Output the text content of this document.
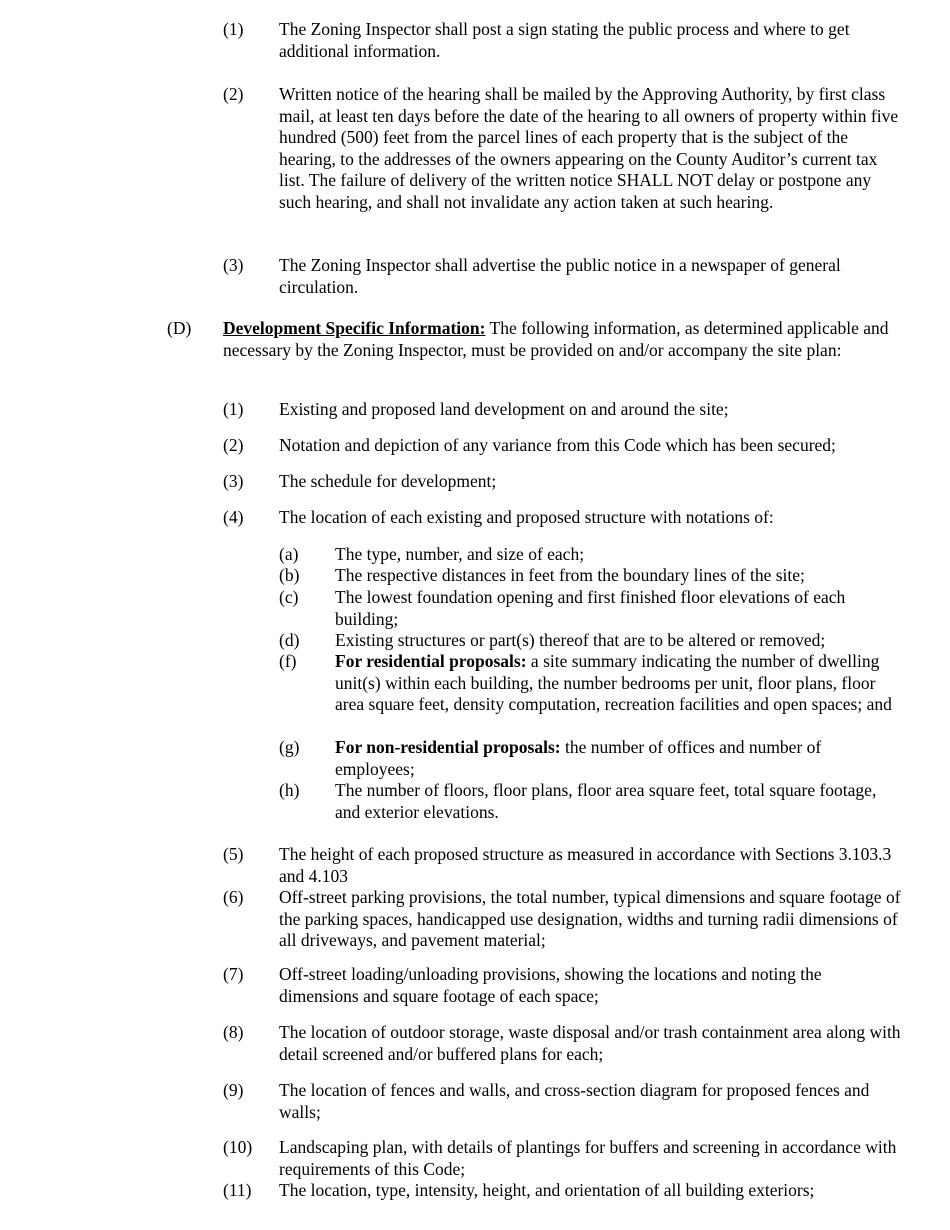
(1)	The Zoning Inspector shall post a sign stating the public process and where to get additional information.
(2)	Written notice of the hearing shall be mailed by the Approving Authority, by first class mail, at least ten days before the date of the hearing to all owners of property within five hundred (500) feet from the parcel lines of each property that is the subject of the hearing, to the addresses of the owners appearing on the County Auditor’s current tax list. The failure of delivery of the written notice SHALL NOT delay or postpone any such hearing, and shall not invalidate any action taken at such hearing.
(3)	The Zoning Inspector shall advertise the public notice in a newspaper of general circulation.
(D)	Development Specific Information: The following information, as determined applicable and necessary by the Zoning Inspector, must be provided on and/or accompany the site plan:
(1)	Existing and proposed land development on and around the site;
(2)	Notation and depiction of any variance from this Code which has been secured;
(3)	The schedule for development;
(4)	The location of each existing and proposed structure with notations of:
(a)	The type, number, and size of each;
(b)	The respective distances in feet from the boundary lines of the site;
(c)	The lowest foundation opening and first finished floor elevations of each building;
(d)	Existing structures or part(s) thereof that are to be altered or removed;
(f)	For residential proposals: a site summary indicating the number of dwelling unit(s) within each building, the number bedrooms per unit, floor plans, floor area square feet, density computation, recreation facilities and open spaces; and
(g)	For non-residential proposals: the number of offices and number of employees;
(h)	The number of floors, floor plans, floor area square feet, total square footage, and exterior elevations.
(5)	The height of each proposed structure as measured in accordance with Sections 3.103.3 and 4.103
(6)	Off-street parking provisions, the total number, typical dimensions and square footage of the parking spaces, handicapped use designation, widths and turning radii dimensions of all driveways, and pavement material;
(7)	Off-street loading/unloading provisions, showing the locations and noting the dimensions and square footage of each space;
(8)	The location of outdoor storage, waste disposal and/or trash containment area along with detail screened and/or buffered plans for each;
(9)	The location of fences and walls, and cross-section diagram for proposed fences and walls;
(10)	Landscaping plan, with details of plantings for buffers and screening in accordance with requirements of this Code;
(11)	The location, type, intensity, height, and orientation of all building exteriors;
